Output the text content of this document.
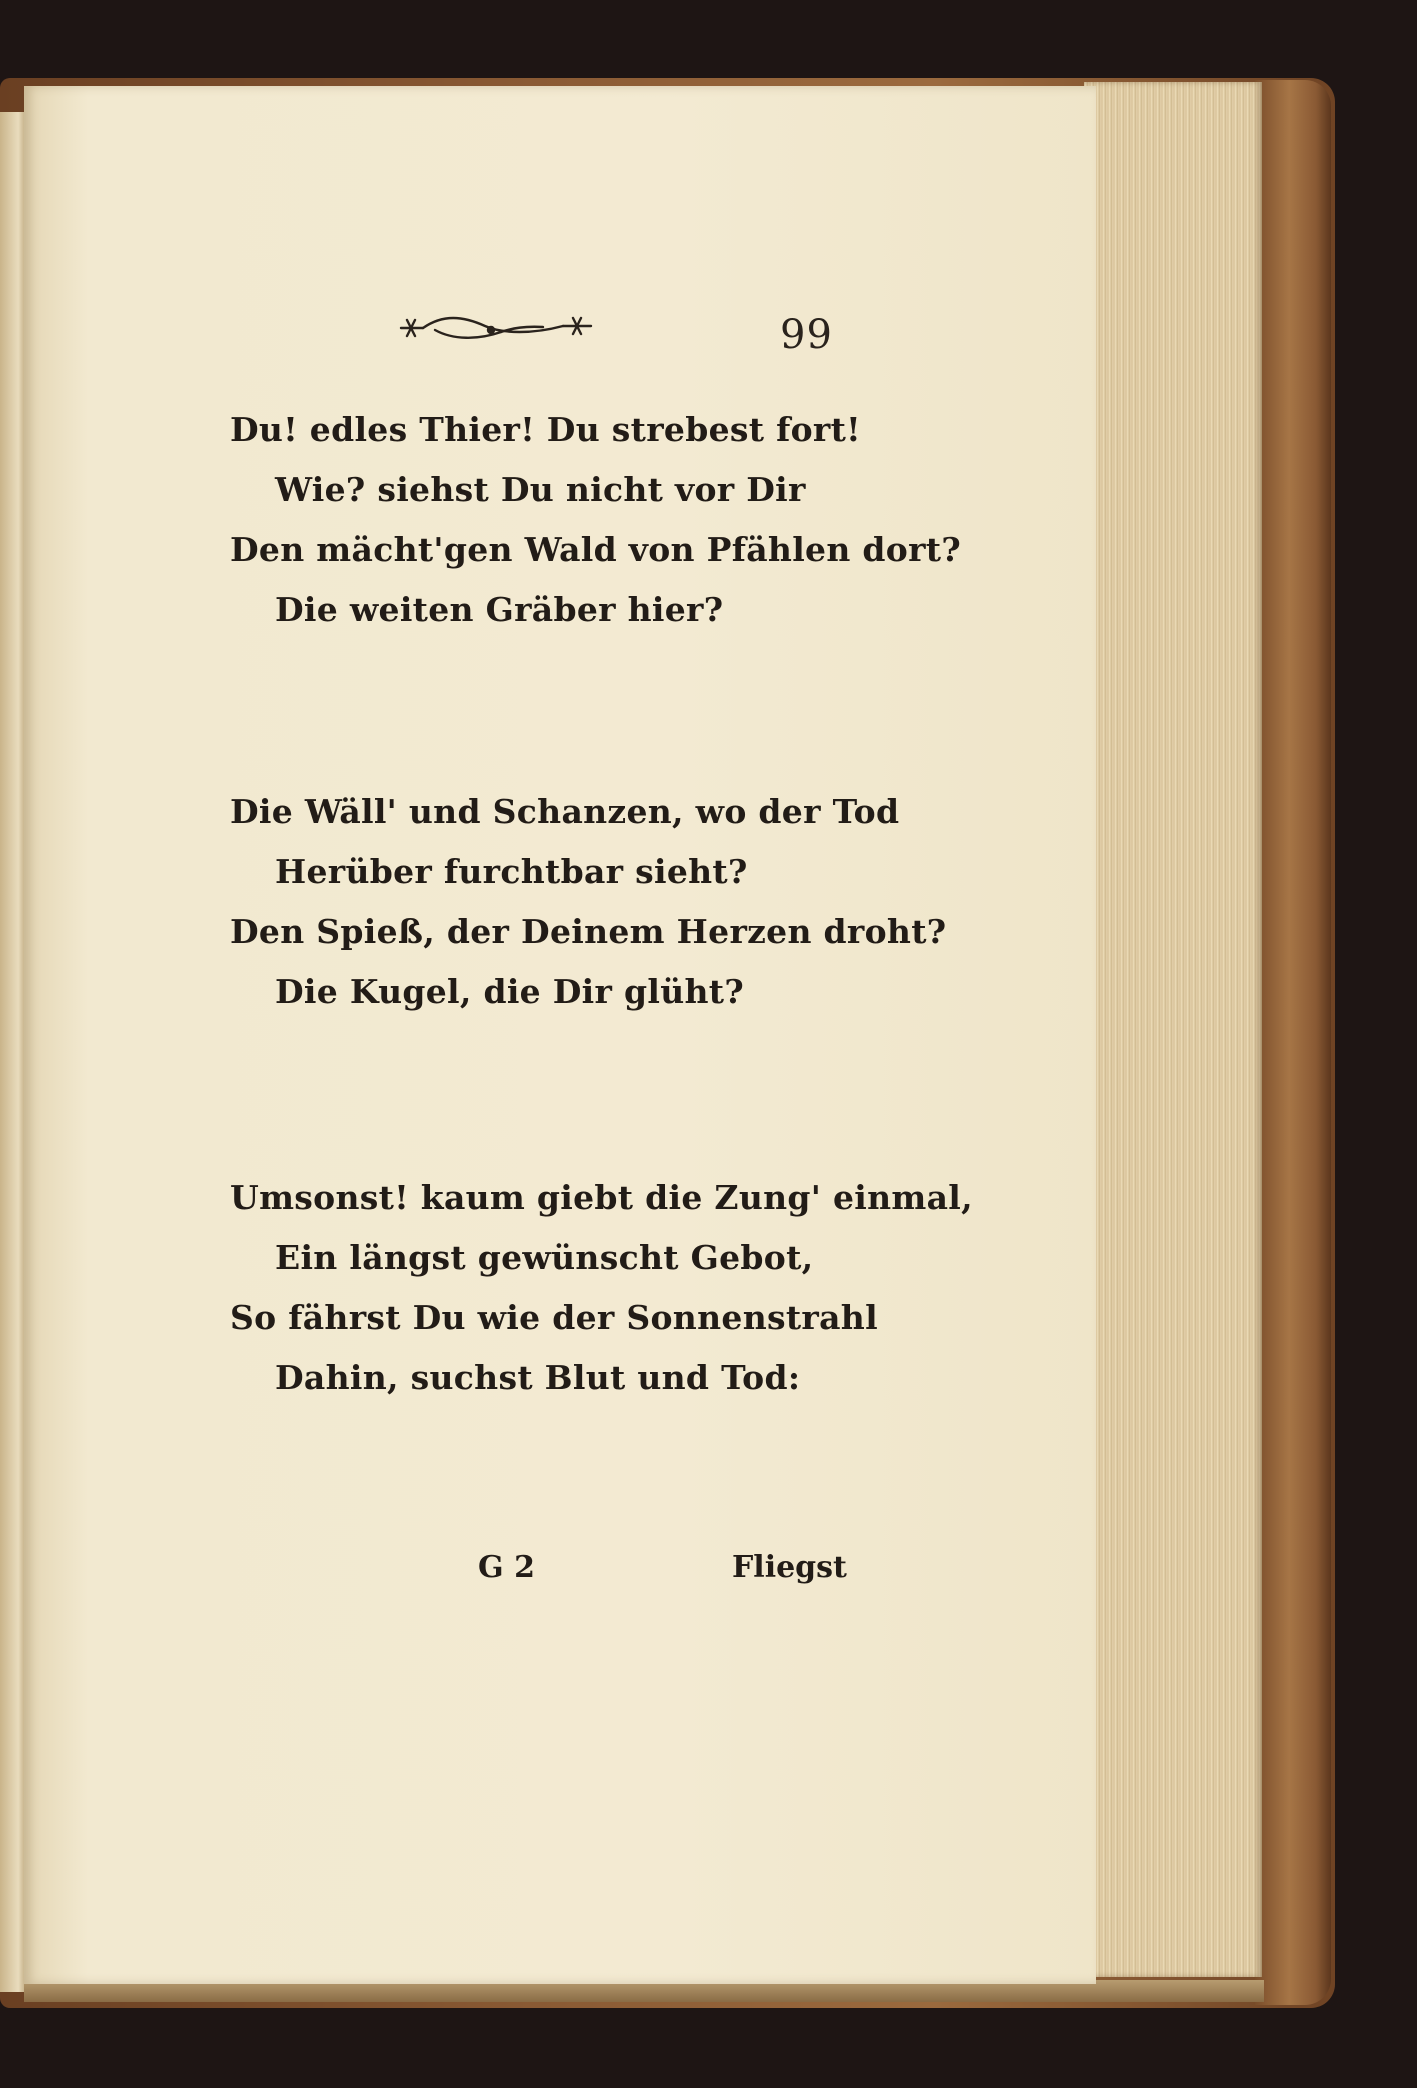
99
Du! edles Thier! Du strebest fort!
Wie? siehst Du nicht vor Dir
Den mächt'gen Wald von Pfählen dort?
Die weiten Gräber hier?
Die Wäll' und Schanzen, wo der Tod
Herüber furchtbar sieht?
Den Spieß, der Deinem Herzen droht?
Die Kugel, die Dir glüht?
Umsonst! kaum giebt die Zung' einmal,
Ein längst gewünscht Gebot,
So fährst Du wie der Sonnenstrahl
Dahin, suchst Blut und Tod:
G 2	Fliegst
